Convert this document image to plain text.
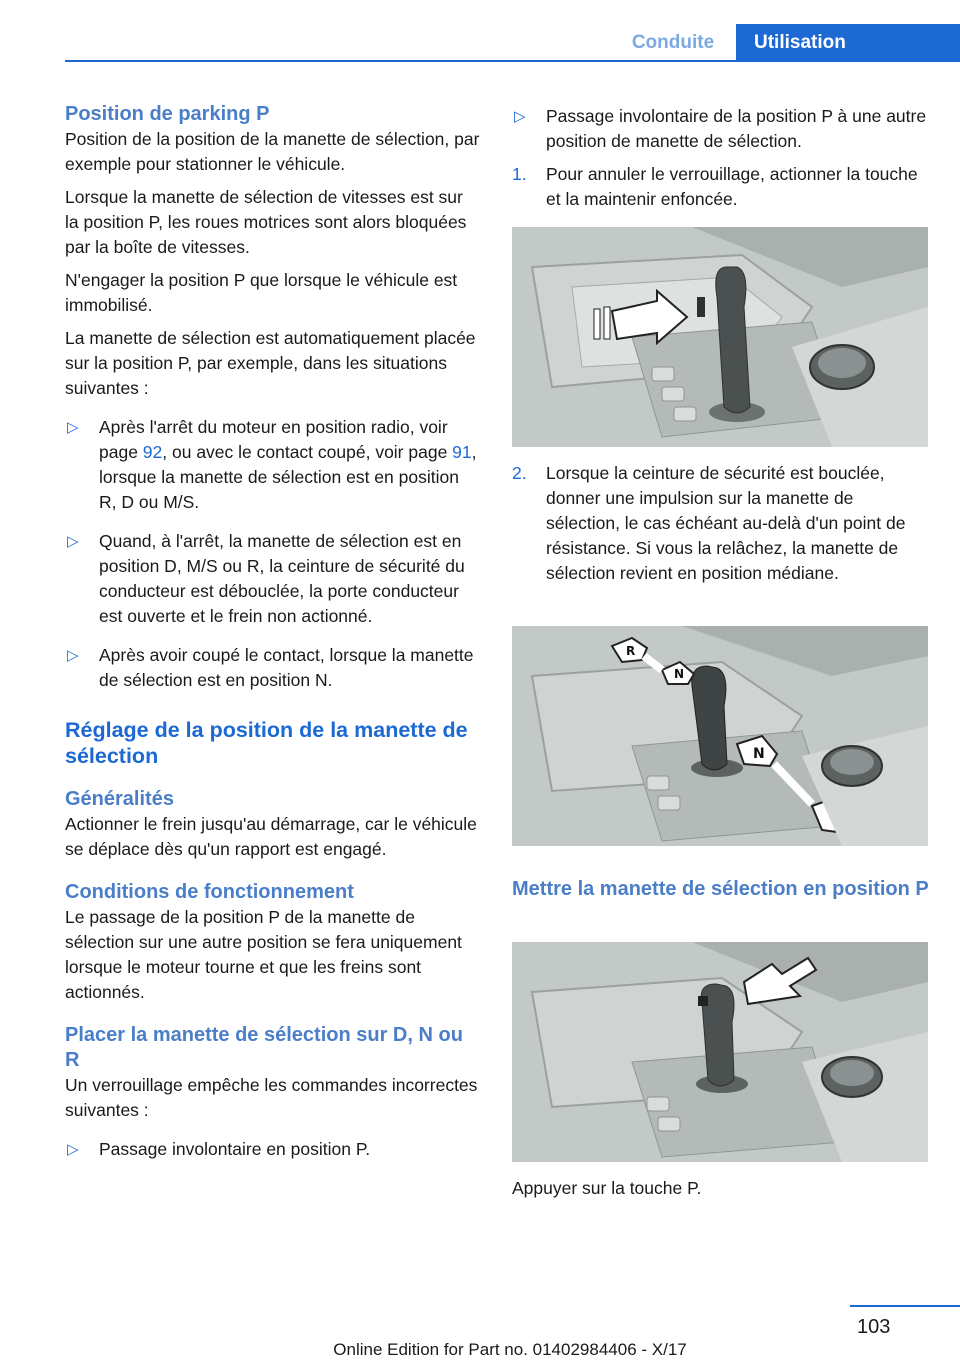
Conduite	Utilisation
Position de parking P

Position de la position de la manette de sélection, par exemple pour stationner le véhicule.

Lorsque la manette de sélection de vitesses est sur la position P, les roues motrices sont alors bloquées par la boîte de vitesses.

N'engager la position P que lorsque le véhicule est immobilisé.

La manette de sélection est automatiquement placée sur la position P, par exemple, dans les situations suivantes :

▷ Après l'arrêt du moteur en position radio, voir page 92, ou avec le contact coupé, voir page 91, lorsque la manette de sélection est en position R, D ou M/S.
▷ Quand, à l'arrêt, la manette de sélection est en position D, M/S ou R, la ceinture de sécurité du conducteur est débouclée, la porte conducteur est ouverte et le frein non actionné.
▷ Après avoir coupé le contact, lorsque la manette de sélection est en position N.
Réglage de la position de la manette de sélection
Généralités

Actionner le frein jusqu'au démarrage, car le véhicule se déplace dès qu'un rapport est engagé.

Conditions de fonctionnement

Le passage de la position P de la manette de sélection sur une autre position se fera uniquement lorsque le moteur tourne et que les freins sont actionnés.

Placer la manette de sélection sur D, N ou R

Un verrouillage empêche les commandes incorrectes suivantes :

▷ Passage involontaire en position P.
▷ Passage involontaire de la position P à une autre position de manette de sélection.
1. Pour annuler le verrouillage, actionner la touche et la maintenir enfoncée.
2. Lorsque la ceinture de sécurité est bouclée, donner une impulsion sur la manette de sélection, le cas échéant au-delà d'un point de résistance. Si vous la relâchez, la manette de sélection revient en position médiane.
R
N
N
Mettre la manette de sélection en position P

Appuyer sur la touche P.

103
Online Edition for Part no. 01402984406 - X/17
